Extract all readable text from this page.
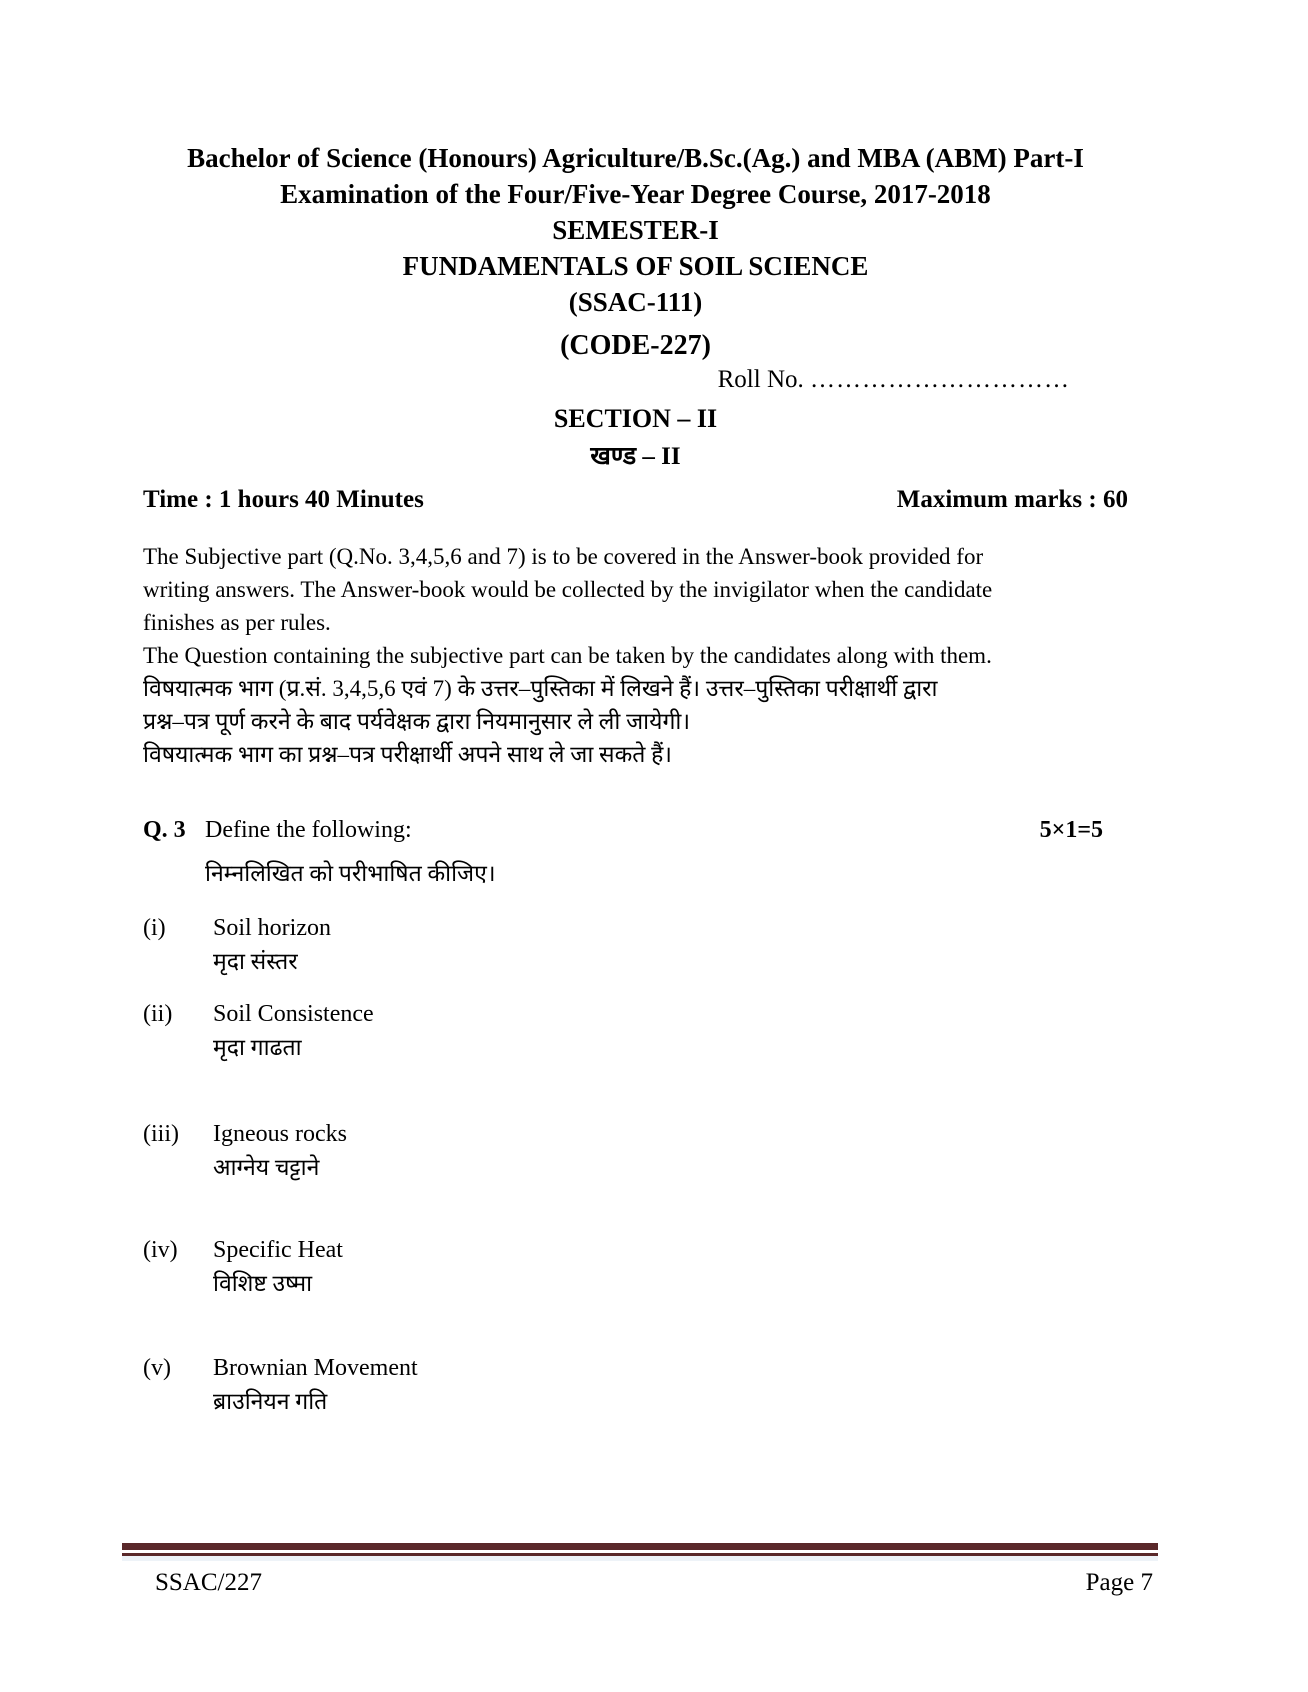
Bachelor of Science (Honours) Agriculture/B.Sc.(Ag.) and MBA (ABM) Part-I
Examination of the Four/Five-Year Degree Course, 2017-2018
SEMESTER-I
FUNDAMENTALS OF SOIL SCIENCE
(SSAC-111)
(CODE-227)
Roll No. …………………………
SECTION – II
खण्ड – II
Time : 1 hours 40 Minutes	Maximum marks : 60
The Subjective part (Q.No. 3,4,5,6 and 7) is to be covered in the Answer-book provided for
writing answers. The Answer-book would be collected by the invigilator when the candidate
finishes as per rules.
The Question containing the subjective part can be taken by the candidates along with them.
विषयात्मक भाग (प्र.सं. 3,4,5,6 एवं 7) के उत्तर–पुस्तिका में लिखने हैं। उत्तर–पुस्तिका परीक्षार्थी द्वारा
प्रश्न–पत्र पूर्ण करने के बाद पर्यवेक्षक द्वारा नियमानुसार ले ली जायेगी।
विषयात्मक भाग का प्रश्न–पत्र परीक्षार्थी अपने साथ ले जा सकते हैं।
Q. 3 Define the following:	5×1=5
निम्नलिखित को परीभाषित कीजिए।
(i)	Soil horizon
मृदा संस्तर
(ii)	Soil Consistence
मृदा गाढता
(iii)	Igneous rocks
आग्नेय चट्टाने
(iv)	Specific Heat
विशिष्ट उष्मा
(v)	Brownian Movement
ब्राउनियन गति
SSAC/227	Page 7
